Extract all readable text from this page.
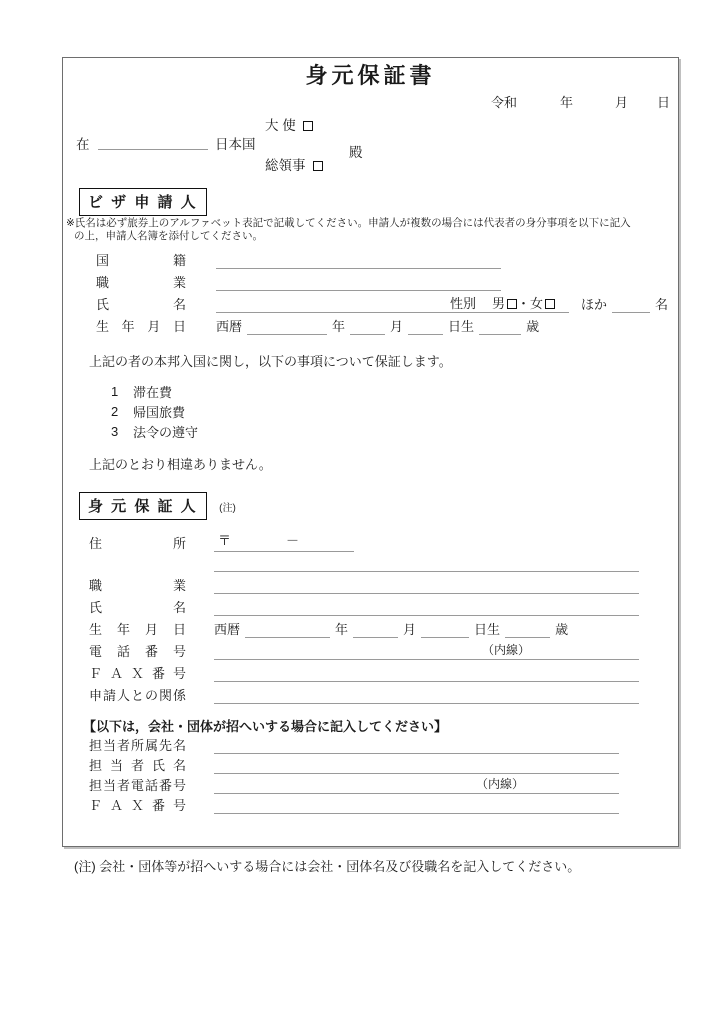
身元保証書
令和	年	月 日
大 使
在	日本国
殿
総領事
ビ ザ 申 請 人
※氏名は必ず旅券上のアルファベット表記で記載してください。申請人が複数の場合には代表者の身分事項を以下に記入
の上，申請人名簿を添付してください。
国籍
職業
氏名	性別 男 ・女	ほか	名
生年月日 西暦	年	月	日生	歳
上記の者の本邦入国に関し，以下の事項について保証します。
1	滞在費
2	帰国旅費
3	法令の遵守
上記のとおり相違ありません。
身 元 保 証 人 (注)
住所 〒	－
職業
氏名
生年月日 西暦	年	月	日生	歳
電話番号	（内線）
ＦＡＸ番号
申請人との関係
【以下は，会社・団体が招へいする場合に記入してください】
担当者所属先名
担当者氏名
担当者電話番号	（内線）
ＦＡＸ番号
(注) 会社・団体等が招へいする場合には会社・団体名及び役職名を記入してください。
